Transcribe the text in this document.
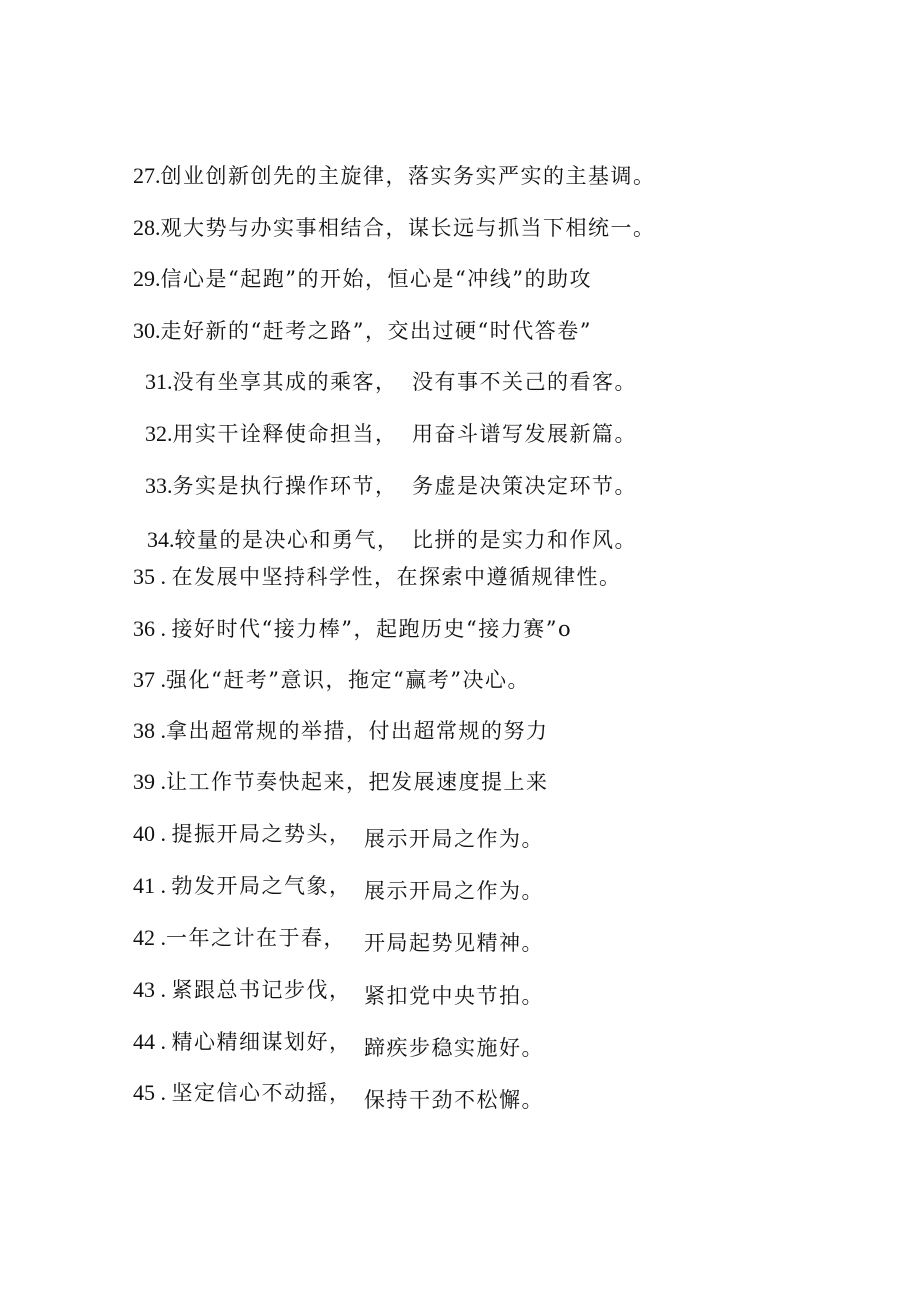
27.创业创新创先的主旋律，落实务实严实的主基调。
28.观大势与办实事相结合，谋长远与抓当下相统一。
29.信心是“起跑”的开始，恒心是“冲线”的助攻
30.走好新的“赶考之路”，交出过硬“时代答卷”
31.没有坐享其成的乘客， 没有事不关己的看客。
32.用实干诠释使命担当， 用奋斗谱写发展新篇。
33.务实是执行操作环节， 务虚是决策决定环节。
34.较量的是决心和勇气， 比拼的是实力和作风。
35 . 在发展中坚持科学性，在探索中遵循规律性。
36 . 接好时代“接力棒”，起跑历史“接力赛”o
37 .强化“赶考”意识，拖定“赢考”决心。
38 .拿出超常规的举措，付出超常规的努力
39 .让工作节奏快起来，把发展速度提上来
40 . 提振开局之势头， 展示开局之作为。
41 . 勃发开局之气象， 展示开局之作为。
42 .一年之计在于春， 开局起势见精神。
43 . 紧跟总书记步伐， 紧扣党中央节拍。
44 . 精心精细谋划好， 蹄疾步稳实施好。
45 . 坚定信心不动摇， 保持干劲不松懈。
